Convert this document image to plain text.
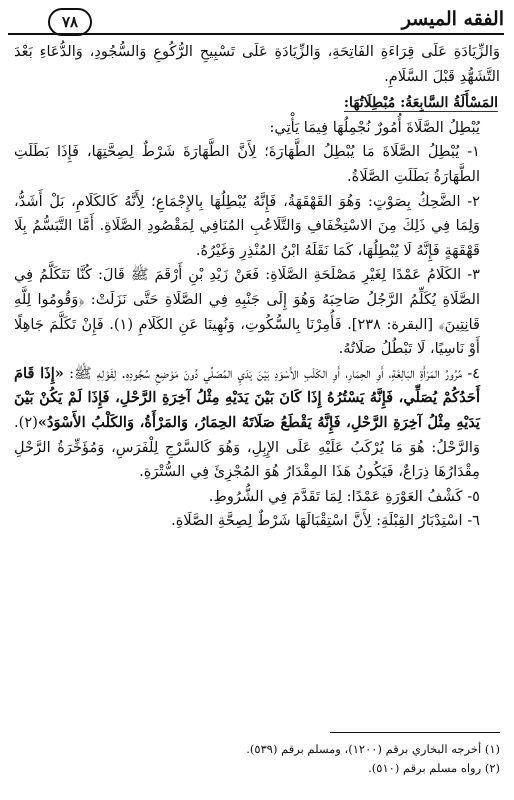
الفقه الميسر
٧٨

وَالزِّيَادَةِ عَلَى قِرَاءَةِ الفَاتِحَةِ، وَالزِّيَادَةِ عَلَى تَسْبِيحِ الرُّكُوعِ وَالسُّجُودِ، وَالدُّعَاءِ بَعْدَ التَّشَهُّدِ قَبْلَ السَّلَامِ.

المَسْأَلَةُ السَّابِعَةُ: مُبْطِلَاتُهَا:

يُبْطِلُ الصَّلَاةَ أُمُورٌ نُجْمِلُهَا فِيمَا يَأْتِي:

١- يُبْطِلُ الصَّلَاةَ مَا يُبْطِلُ الطَّهَارَةَ؛ لِأَنَّ الطَّهَارَةَ شَرْطٌ لِصِحَّتِهَا، فَإِذَا بَطَلَتِ الطَّهَارَةُ بَطَلَتِ الصَّلَاةُ.

٢- الضَّحِكُ بِصَوْتٍ: وَهُوَ القَهْقَهَةُ، فَإِنَّهُ يُبْطِلُهَا بِالإِجْمَاعِ؛ لِأَنَّهُ كَالكَلَامِ، بَلْ أَشَدُّ، وَلِمَا فِي ذَلِكَ مِنَ الاسْتِخْفَافِ وَالتَّلَاعُبِ المُنَافِي لِمَقْصُودِ الصَّلَاةِ. أَمَّا التَّبَسُّمُ بِلَا قَهْقَهَةٍ فَإِنَّهُ لَا يُبْطِلُهَا، كَمَا نَقَلَهُ ابْنُ المُنْذِرِ وَغَيْرُهُ.

٣- الكَلَامُ عَمْدًا لِغَيْرِ مَصْلَحَةِ الصَّلَاةِ: فَعَنْ زَيْدِ بْنِ أَرْقَمَ ﷺ قَالَ: كُنَّا نَتَكَلَّمُ فِي الصَّلَاةِ يُكَلِّمُ الرَّجُلُ صَاحِبَهُ وَهُوَ إِلَى جَنْبِهِ فِي الصَّلَاةِ حَتَّى نَزَلَتْ: ﴿وَقُومُوا لِلَّهِ قَانِتِينَ﴾ [البقرة: ٢٣٨]. فَأُمِرْنَا بِالسُّكُوتِ، وَنُهِينَا عَنِ الكَلَامِ (١). فَإِنْ تَكَلَّمَ جَاهِلًا أَوْ نَاسِيًا، لَا تَبْطُلُ صَلَاتُهُ.

٤- مُرُورُ المَرْأَةِ البَالِغَةِ، أَوِ الحِمَارِ، أَوِ الكَلْبِ الأَسْوَدِ بَيْنَ يَدَيِ المُصَلِّي دُونَ مَوْضِعِ سُجُودِهِ. لِقَوْلِهِ ﷺ: «إِذَا قَامَ أَحَدُكُمْ يُصَلِّي، فَإِنَّهُ يَسْتُرُهُ إِذَا كَانَ بَيْنَ يَدَيْهِ مِثْلُ آخِرَةِ الرَّحْلِ، فَإِذَا لَمْ يَكُنْ بَيْنَ يَدَيْهِ مِثْلُ آخِرَةِ الرَّحْلِ، فَإِنَّهُ يَقْطَعُ صَلَاتَهُ الحِمَارُ، وَالمَرْأَةُ، وَالكَلْبُ الأَسْوَدُ»(٢). وَالرَّحْلُ: هُوَ مَا يُرْكَبُ عَلَيْهِ عَلَى الإِبِلِ، وَهُوَ كَالسَّرْجِ لِلْفَرَسِ، وَمُؤَخِّرَةُ الرَّحْلِ مِقْدَارُهَا ذِرَاعٌ، فَيَكُونُ هَذَا المِقْدَارُ هُوَ المُجْزِئَ فِي السُّتْرَةِ.

٥- كَشْفُ العَوْرَةِ عَمْدًا: لِمَا تَقَدَّمَ فِي الشُّرُوطِ.

٦- اسْتِدْبَارُ القِبْلَةِ: لِأَنَّ اسْتِقْبَالَهَا شَرْطٌ لِصِحَّةِ الصَّلَاةِ.

(١) أخرجه البخاري برقم (١٢٠٠)، ومسلم برقم (٥٣٩).
(٢) رواه مسلم برقم (٥١٠).
